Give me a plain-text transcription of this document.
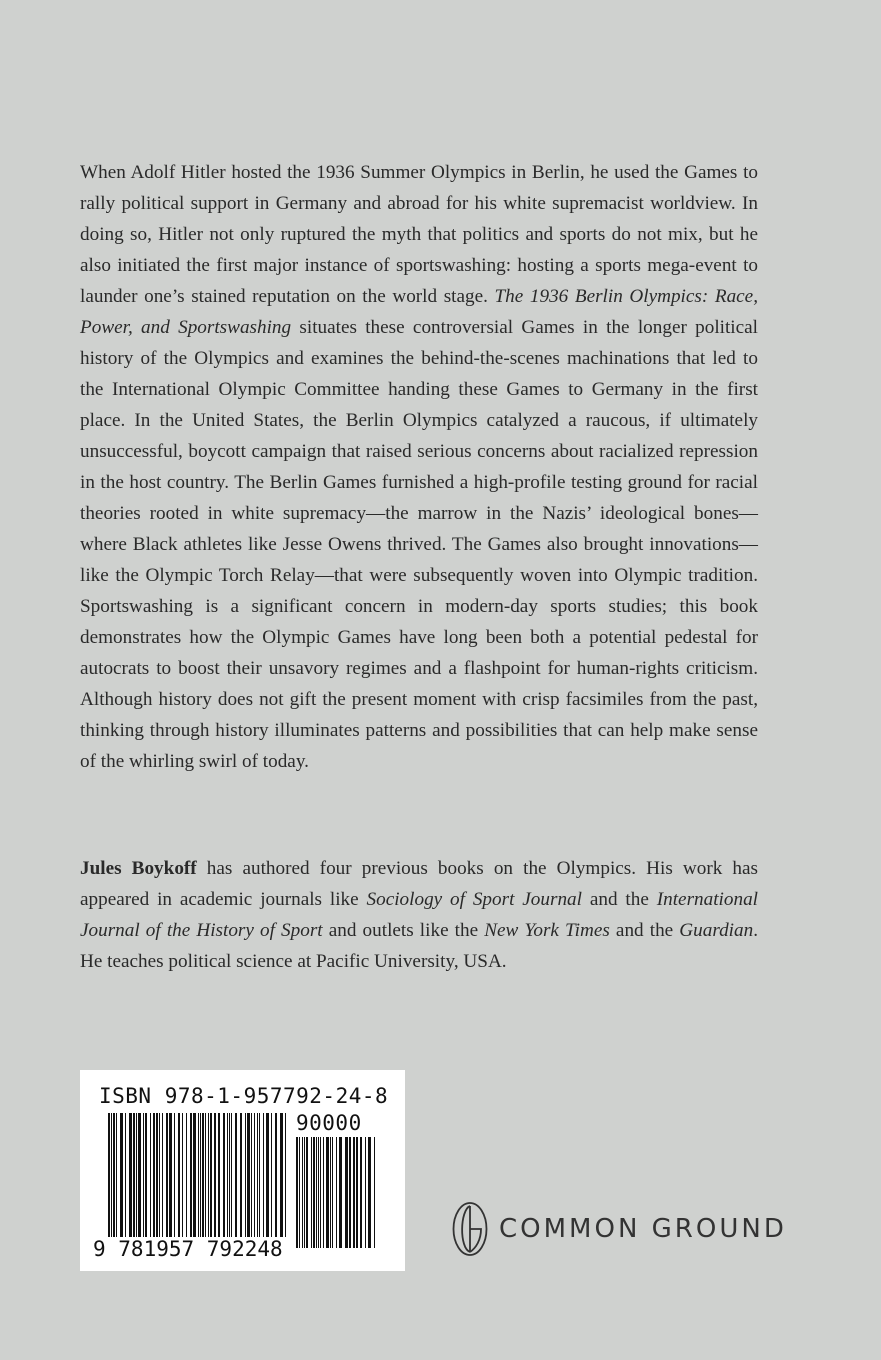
When Adolf Hitler hosted the 1936 Summer Olympics in Berlin, he used the Games to rally political support in Germany and abroad for his white supremacist worldview. In doing so, Hitler not only ruptured the myth that politics and sports do not mix, but he also initiated the first major instance of sportswashing: hosting a sports mega-event to launder one’s stained reputation on the world stage. The 1936 Berlin Olympics: Race, Power, and Sportswashing situates these controversial Games in the longer political history of the Olympics and examines the behind-the-scenes machinations that led to the International Olympic Committee handing these Games to Germany in the first place. In the United States, the Berlin Olympics catalyzed a raucous, if ultimately unsuccessful, boycott campaign that raised serious concerns about racialized repression in the host country. The Berlin Games furnished a high-profile testing ground for racial theories rooted in white supremacy—the marrow in the Nazis’ ideological bones—where Black athletes like Jesse Owens thrived. The Games also brought innovations—like the Olympic Torch Relay—that were subsequently woven into Olympic tradition. Sportswashing is a significant concern in modern-day sports studies; this book demonstrates how the Olympic Games have long been both a potential pedestal for autocrats to boost their unsavory regimes and a flashpoint for human-rights criticism. Although history does not gift the present moment with crisp facsimiles from the past, thinking through history illuminates patterns and possibilities that can help make sense of the whirling swirl of today.

Jules Boykoff has authored four previous books on the Olympics. His work has appeared in academic journals like Sociology of Sport Journal and the International Journal of the History of Sport and outlets like the New York Times and the Guardian. He teaches political science at Pacific University, USA.

ISBN 978-1-957792-24-8
90000
9 781957 792248
COMMON GROUND
